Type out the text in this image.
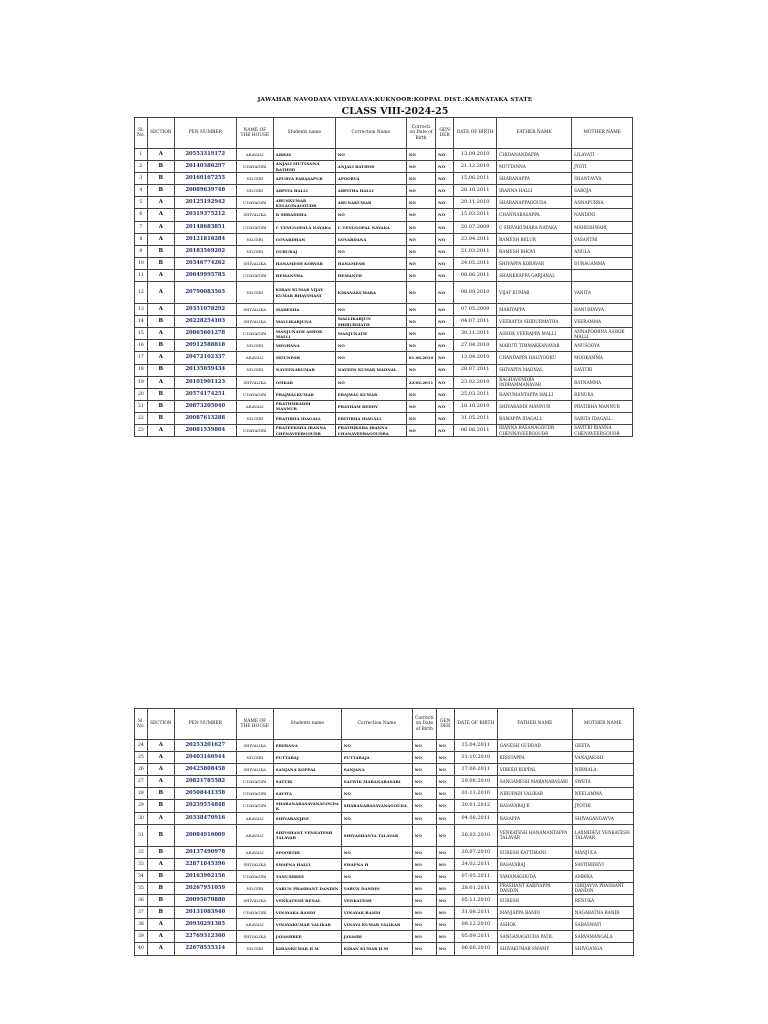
JAWAHAR NAVODAYA VIDYALAYA:KUKNOOR:KOPPAL DIST.:KARNATAKA STATE
CLASS VIII-2024-25
Sl. No.	SECTION	PEN NUMBER	NAME OF THE HOUSE	Students name	Correction Name	Correcti on Date of Birth	GEN DER	DATE OF BIRTH	FATHER NAME	MOTHER NAME
1	A	20553319172	ARAVALI	ABHAY	NO	NO	NO	13.09.2010	CHIDANANDAPPA	LILAVATI
2	B	20140386297	UDAYAGIRI	ANJALI MUTTANNA RATHOD	ANJALI RATHOD	NO	NO	21.12.2010	MUTTANNA	JYOTI
3	B	20160167255	NILGIRI	APURVA PARASAPUR	APOORVA	NO	NO	15.06.2011	SHARANAPPA	SHANTAVVA
4	B	20089639748	NILGIRI	ARPITA HALLI	ARPITHA HALLI	NO	NO	28.10.2011	IRANNA HALLI	SAROJA
5	A	20125192942	UDAYAGIRI	ARUNKUMAR KELAGINAGOUDR	ARUNAKUMAR	NO	NO	29.11.2010	SHARANAPPAGOUDA	ANNAPURNA
6	A	20319375212	SHIVALIKA	B SHRADDHA	NO	NO	NO	15.03.2011	CHANNABASAPPA	NANDINI
7	A	20148683851	UDAYAGIRI	C VENUGOPALA NAYAKA	C VENUGOPAL NAYAKA	NO	NO	20.07.2009	C SHIVAKUMARA NAYAKA	MAHESHWARI
8	A	20121816284	NILGIRI	GOVARDHAN	GOVARDANA	NO	NO	23.04.2011	RAMESH BELUR	VASANTHI
9	B	20183569202	NILGIRI	GURURAJ	NO	NO	NO	21.03.2011	RAMESH BHOVI	ANULA
10	B	20346774262	SHIVALIKA	HANAMESH KORVAR	HANAMESH	NO	NO	24.05.2011	SHIVAPPA KORAVAR	DURAGAMMA
11	A	20649995783	UDAYAGIRI	HEMANTHA	HEMANTH	NO	NO	08.06.2011	SHANKRAPPA GARJANAL	
12	A	20790083565	NILGIRI	KIRAN KUMAR VIJAY KUMAR BHAVIMANI	KIRANAKUMARA	NO	NO	08.09.2010	VIJAY KUMAR	VANITA
13	A	20351078292	SHIVALIKA	MAHESHA	NO	NO	NO	07.05.2009	MARIYAPPA	HANUMAVVA
14	B	20228254103	SHIVALIKA	MALLIKARJUNA	MALLIKARJUN SHIRURMATH	NO	NO	04.07.2011	VEERAYYA SHIRURMATHA	VEERAMMA
15	A	20865601278	UDAYAGIRI	MANJUNATH ASHOK MALLI	MANJUNATH	NO	NO	30.11.2011	ASHOK VEERAPPA MALLI	ANNAPOORNA ASHOK MALLI
16	B	20912588818	NILGIRI	MEGHANA	NO	NO	NO	27.04.2010	MARUTI TIMMAKKANAVAR	ANUSOOYA
17	A	20472102337	ARAVALI	MOUNESH	NO	01.06.2010	NO	13.04.2010	CHANDAPPA HALIYOORU	MOOKAMMA
18	B	20135059434	NILGIRI	NAVEENAKUMAR	NAVEEN KUMAR MADNAL	NO	NO	28.07.2011	SHIVAPPA MADNAL	SAVITRI
19	A	20101901123	SHIVALIKA	OMKAR	NO	22.02.2011	NO	23.02.2010	RAGHAVENDRA INDRAMMANAVAR	RATNAMMA
20	B	20574174251	UDAYAGIRI	PRAJWALKUMAR	PRAJWAL KUMAR	NO	NO	25.03.2011	HANUMANTAPPA HALLI	RENUKA
21	B	20873205040	ARAVALI	PRATHMRADDI MANNUR	PRATHAM REDDY	NO	NO	18.10.2010	SHIVARADDI MANNUR	PRATIBHA MANNUR
22	B	20087613288	NILGIRI	PRATIBHA IDAGALL	PRITIBHA IDAGALL	NO	NO	31.05.2011	RAMAPPA IDAGALL	SARITA IDAGALL
23	A	20081559804	UDAYAGIRI	PRATEEKSHA IRANNA CHENAVEERGOUDR	PRATHIKSHA IRANNA CHANAVEERAGOUDRA	NO	NO	06.06.2011	IRANNA BASANAGOUDR CHENNAVEERGOUDR	SAVITRI IRANNA CHENAVEERGOUDR
Sl. No.	SECTION	PEN NUMBER	NAME OF THE HOUSE	Students name	Correction Name	Correcti on Date of Birth	GEN DER	DATE OF BIRTH	FATHER NAME	MOTHER NAME
24	A	20253201627	SHIVALIKA	PRERANA	NO	NO	NO	15.04.2011	GANESH GUDDAD	GEETA
25	A	20403166944	NILGIRI	PUTTARAJ	PUTTARAJA	NO	NO	11.10.2010	KRISTAPPA	VANAJAKSHI
26	A	20425808458	SHIVALIKA	SANJANA KOPPAL	SANJANA	NO	NO	17.06.2011	VIRESH KOPPAL	NIRMALA
27	A	20821785582	UDAYAGIRI	SATVIK	SATWIK MARANABASARI	NO	NO	29.08.2010	SANGAMESH MARANABASARI	SWETA
28	B	20508441358	UDAYAGIRI	SAVITA	NO	NO	NO	01.11.2010	NIRUPADI VALIKAR	NEELAMMA
29	B	20239554848	UDAYAGIRI	SHARANABASAVANAGOUDA K	SHARANABASAVANAGOUDA	NO	NO	30.01.2012	BASAVARAJ K	JYOTHI
30	A	20338470916	ARAVALI	SHIVARANJINI	NO	NO	NO	04.08.2011	BASAPPA	SHIVAGANGAVVA
31	B	20084916009	ARAVALI	SHIVSHANT VENKATESH TALAVAR	SHIVASHANTA TALAVAR	NO	NO	26.03.2010	VENKATESH HANAMANTAPPA TALAVAR	LAXMIDEVI VENKATESH TALAVAR
32	B	20137490978	ARAVALI	SPOORTHI	NO	NO	NO	20.07.2010	SURESH KATTIMANI	MANJULA
33	A	22871845396	SHIVALIKA	SWAPNA HALLI	SWAPNA H	NO	NO	24.02.2011	BASAVARAJ	SAVITRIDEVI
34	B	20163902156	UDAYAGIRI	TANUSHREE	NO	NO	NO	07.05.2011	YAMANAGOUDA	AMBIKA
35	B	20267951059	NILGIRI	VARUN PRASHANT DANDIN	VARUN DANDIN	NO	NO	28.01.2011	PRASHANT KARIYAPPA DANDIN	GIRIJAVVA PRASHANT DANDIN
36	B	20095670880	SHIVALIKA	VENKATESH BENAL	VENKATESH	NO	NO	05.11.2010	SURESH	RENUKA
37	B	20131083940	UDAYAGIRI	VINAYAKA BANDI	VINAYAK BANDI	NO	NO	31.08.2011	MANJAPPA BANDI	NAGARATNA BANDI
38	A	20930291385	ARAVALI	VINAYAKUMAR VALIKAR	VINAYA KUMAR VALIKAR	NO	NO	09.12.2010	ASHOK	SARASWATI
39	A	22769312360	SHIVALIKA	JAYASHREE	JAYASRI	NO	NO	05.09.2011	SANGANAGOUDA PATIL	SARVAMANGALA
40	A	22678555314	NILGIRI	KIRANKUMAR H M	KIRAN KUMAR H M	NO	NO	06.08.2010	SHIVAKUMAR SWAMY	SHIVGANGA
